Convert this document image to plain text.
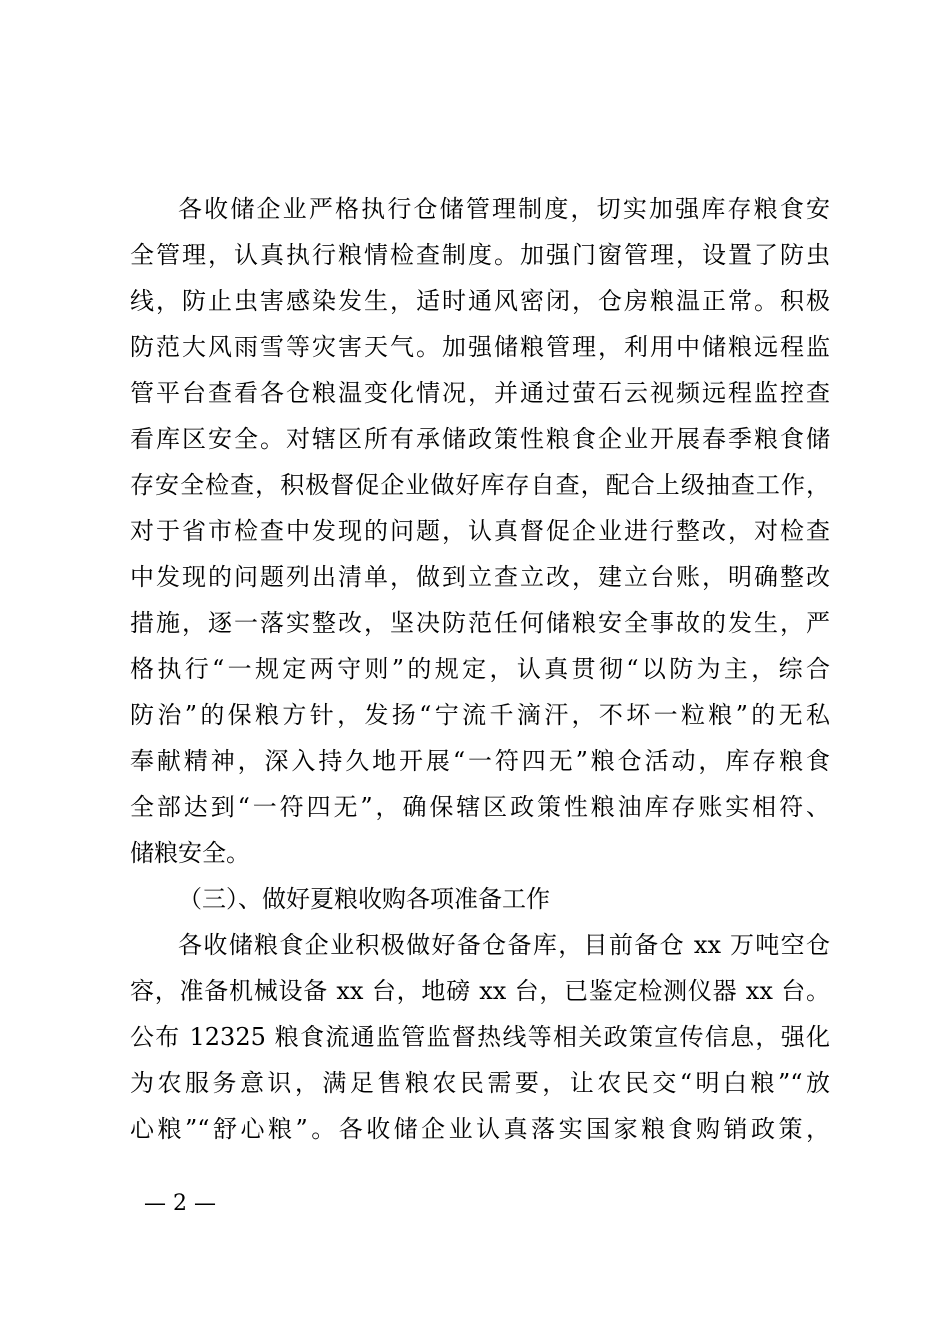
各收储企业严格执行仓储管理制度，切实加强库存粮食安
全管理，认真执行粮情检查制度。加强门窗管理，设置了防虫
线，防止虫害感染发生，适时通风密闭，仓房粮温正常。积极
防范大风雨雪等灾害天气。加强储粮管理，利用中储粮远程监
管平台查看各仓粮温变化情况，并通过萤石云视频远程监控查
看库区安全。对辖区所有承储政策性粮食企业开展春季粮食储
存安全检查，积极督促企业做好库存自查，配合上级抽查工作，
对于省市检查中发现的问题，认真督促企业进行整改，对检查
中发现的问题列出清单，做到立查立改，建立台账，明确整改
措施，逐一落实整改，坚决防范任何储粮安全事故的发生，严
格执行“一规定两守则”的规定，认真贯彻“以防为主，综合
防治”的保粮方针，发扬“宁流千滴汗，不坏一粒粮”的无私
奉献精神，深入持久地开展“一符四无”粮仓活动，库存粮食
全部达到“一符四无”，确保辖区政策性粮油库存账实相符、
储粮安全。
（三）、做好夏粮收购各项准备工作
各收储粮食企业积极做好备仓备库，目前备仓 xx 万吨空仓
容，准备机械设备 xx 台，地磅 xx 台，已鉴定检测仪器 xx 台。
公布 12325 粮食流通监管监督热线等相关政策宣传信息，强化
为农服务意识，满足售粮农民需要，让农民交“明白粮”“放
心粮”“舒心粮”。各收储企业认真落实国家粮食购销政策，
— 2 —
